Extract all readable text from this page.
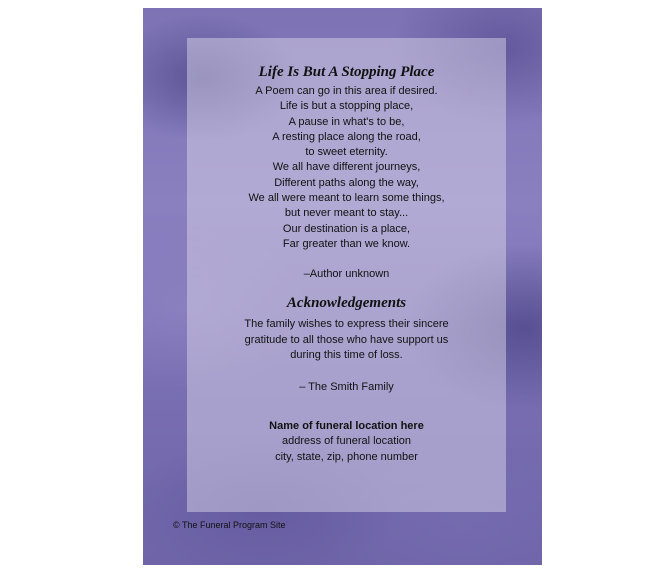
Life Is But A Stopping Place
A Poem can go in this area if desired.
Life is but a stopping place,
A pause in what's to be,
A resting place along the road,
to sweet eternity.
We all have different journeys,
Different paths along the way,
We all were meant to learn some things,
but never meant to stay...
Our destination is a place,
Far greater than we know.
–Author unknown
Acknowledgements
The family wishes to express their sincere
gratitude to all those who have support us
during this time of loss.
– The Smith Family
Name of funeral location here
address of funeral location
city, state, zip, phone number
© The Funeral Program Site
